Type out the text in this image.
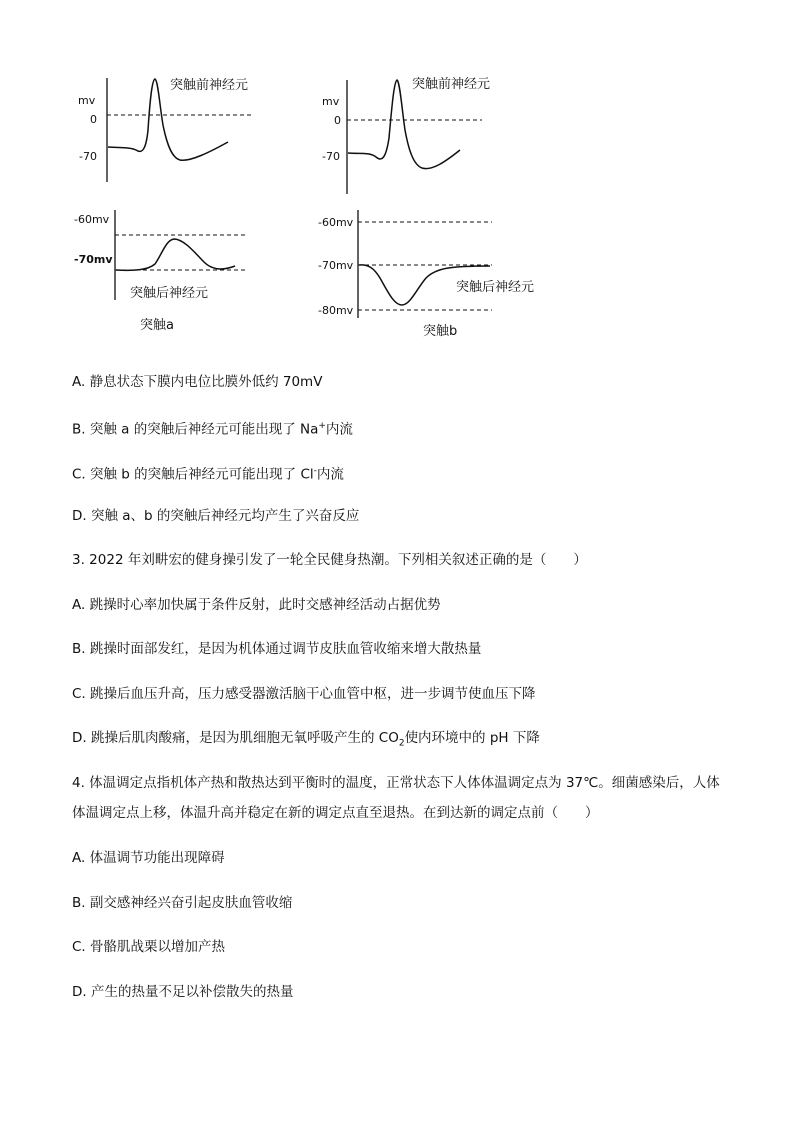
突触前神经元
mv
0
-70
突触前神经元
mv
0
-70
-60mv
-70mv
突触后神经元
突触a
-60mv
-70mv
-80mv
突触后神经元
突触b
A. 静息状态下膜内电位比膜外低约 70mV
B. 突触 a 的突触后神经元可能出现了 Na+内流
C. 突触 b 的突触后神经元可能出现了 Cl-内流
D. 突触 a、b 的突触后神经元均产生了兴奋反应
3. 2022 年刘畊宏的健身操引发了一轮全民健身热潮。下列相关叙述正确的是（　　）
A. 跳操时心率加快属于条件反射，此时交感神经活动占据优势
B. 跳操时面部发红，是因为机体通过调节皮肤血管收缩来增大散热量
C. 跳操后血压升高，压力感受器激活脑干心血管中枢，进一步调节使血压下降
D. 跳操后肌肉酸痛，是因为肌细胞无氧呼吸产生的 $CO_2$使内环境中的 pH 下降
4. 体温调定点指机体产热和散热达到平衡时的温度，正常状态下人体体温调定点为 37℃。细菌感染后，人体体温调定点上移，体温升高并稳定在新的调定点直至退热。在到达新的调定点前（　　）
A. 体温调节功能出现障碍
B. 副交感神经兴奋引起皮肤血管收缩
C. 骨骼肌战栗以增加产热
D. 产生的热量不足以补偿散失的热量
